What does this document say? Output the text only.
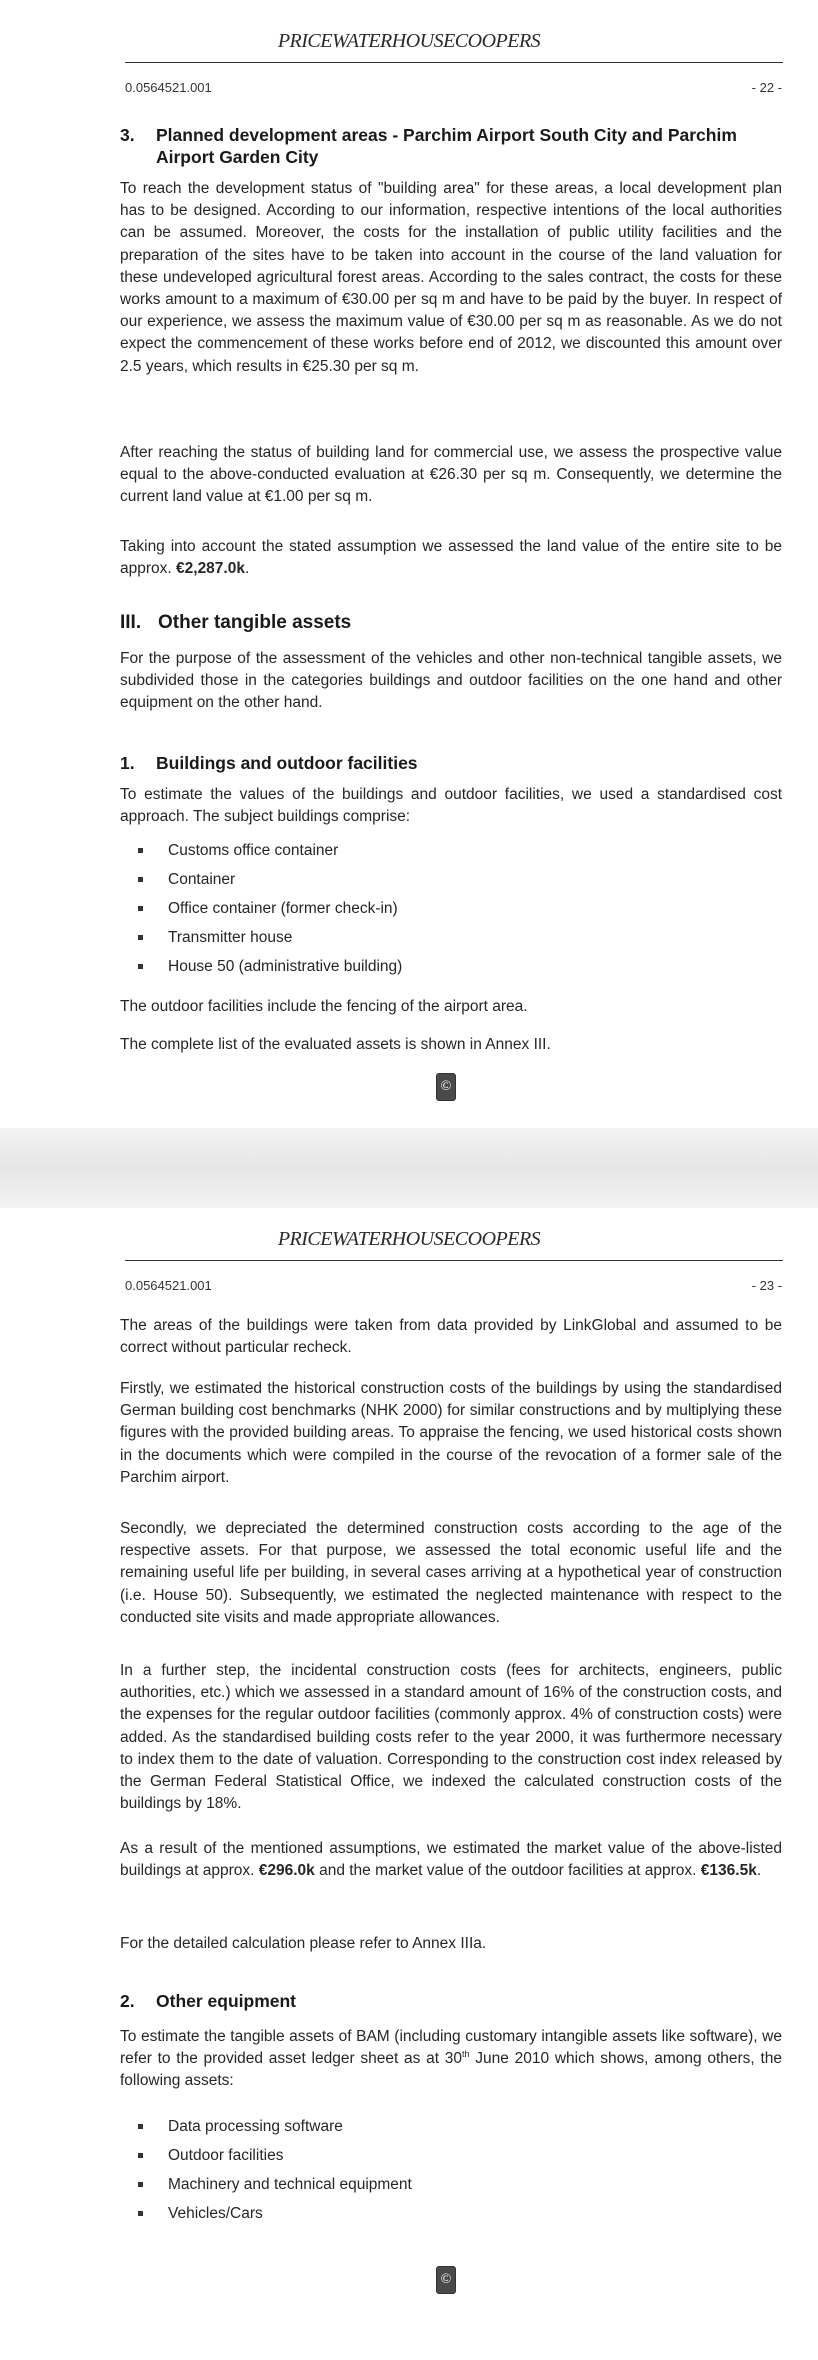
PRICEWATERHOUSECOOPERS
0.0564521.001	- 22 -
3.	Planned development areas - Parchim Airport South City and Parchim Airport Garden City

To reach the development status of "building area" for these areas, a local development plan has to be designed. According to our information, respective intentions of the local authorities can be assumed. Moreover, the costs for the installation of public utility facilities and the preparation of the sites have to be taken into account in the course of the land valuation for these undeveloped agricultural forest areas. According to the sales contract, the costs for these works amount to a maximum of €30.00 per sq m and have to be paid by the buyer. In respect of our experience, we assess the maximum value of €30.00 per sq m as reasonable. As we do not expect the commencement of these works before end of 2012, we discounted this amount over 2.5 years, which results in €25.30 per sq m.

After reaching the status of building land for commercial use, we assess the prospective value equal to the above-conducted evaluation at €26.30 per sq m. Consequently, we determine the current land value at €1.00 per sq m.

Taking into account the stated assumption we assessed the land value of the entire site to be approx. €2,287.0k.

III. Other tangible assets

For the purpose of the assessment of the vehicles and other non-technical tangible assets, we subdivided those in the categories buildings and outdoor facilities on the one hand and other equipment on the other hand.

1.	Buildings and outdoor facilities

To estimate the values of the buildings and outdoor facilities, we used a standardised cost approach. The subject buildings comprise:

Customs office container
Container
Office container (former check-in)
Transmitter house
House 50 (administrative building)

The outdoor facilities include the fencing of the airport area.

The complete list of the evaluated assets is shown in Annex III.

©
PRICEWATERHOUSECOOPERS
0.0564521.001	- 23 -

The areas of the buildings were taken from data provided by LinkGlobal and assumed to be correct without particular recheck.

Firstly, we estimated the historical construction costs of the buildings by using the standardised German building cost benchmarks (NHK 2000) for similar constructions and by multiplying these figures with the provided building areas. To appraise the fencing, we used historical costs shown in the documents which were compiled in the course of the revocation of a former sale of the Parchim airport.

Secondly, we depreciated the determined construction costs according to the age of the respective assets. For that purpose, we assessed the total economic useful life and the remaining useful life per building, in several cases arriving at a hypothetical year of construction (i.e. House 50). Subsequently, we estimated the neglected maintenance with respect to the conducted site visits and made appropriate allowances.

In a further step, the incidental construction costs (fees for architects, engineers, public authorities, etc.) which we assessed in a standard amount of 16% of the construction costs, and the expenses for the regular outdoor facilities (commonly approx. 4% of construction costs) were added. As the standardised building costs refer to the year 2000, it was furthermore necessary to index them to the date of valuation. Corresponding to the construction cost index released by the German Federal Statistical Office, we indexed the calculated construction costs of the buildings by 18%.

As a result of the mentioned assumptions, we estimated the market value of the above-listed buildings at approx. €296.0k and the market value of the outdoor facilities at approx. €136.5k.

For the detailed calculation please refer to Annex IIIa.

2.	Other equipment

To estimate the tangible assets of BAM (including customary intangible assets like software), we refer to the provided asset ledger sheet as at 30th June 2010 which shows, among others, the following assets:

Data processing software
Outdoor facilities
Machinery and technical equipment
Vehicles/Cars
©
